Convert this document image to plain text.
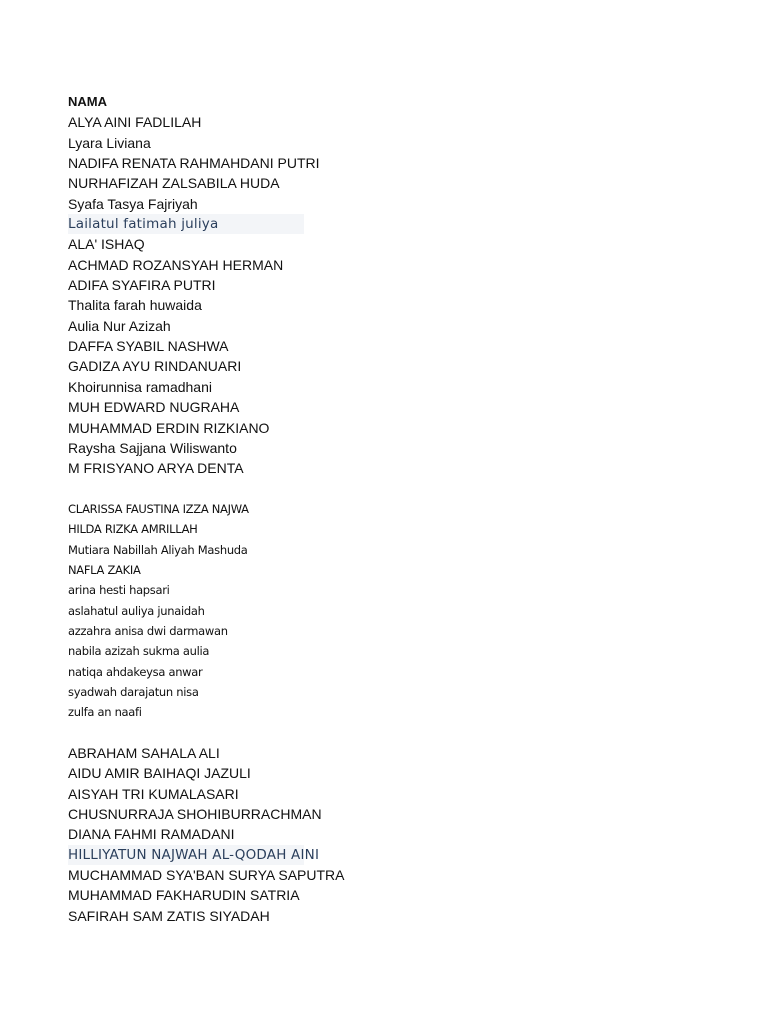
NAMA
ALYA AINI FADLILAH
Lyara Liviana
NADIFA RENATA RAHMAHDANI PUTRI
NURHAFIZAH ZALSABILA HUDA
Syafa Tasya Fajriyah
Lailatul fatimah juliya
ALA' ISHAQ
ACHMAD ROZANSYAH HERMAN
ADIFA SYAFIRA PUTRI
Thalita farah huwaida
Aulia Nur Azizah
DAFFA SYABIL NASHWA
GADIZA AYU RINDANUARI
Khoirunnisa ramadhani
MUH EDWARD NUGRAHA
MUHAMMAD ERDIN RIZKIANO
Raysha Sajjana Wiliswanto
M FRISYANO ARYA DENTA
CLARISSA FAUSTINA IZZA NAJWA
HILDA RIZKA AMRILLAH
Mutiara Nabillah Aliyah Mashuda
NAFLA ZAKIA
arina hesti hapsari
aslahatul auliya junaidah
azzahra anisa dwi darmawan
nabila azizah sukma aulia
natiqa ahdakeysa anwar
syadwah darajatun nisa
zulfa an naafi
ABRAHAM SAHALA ALI
AIDU AMIR BAIHAQI JAZULI
AISYAH TRI KUMALASARI
CHUSNURRAJA SHOHIBURRACHMAN
DIANA FAHMI RAMADANI
HILLIYATUN NAJWAH AL-QODAH AINI
MUCHAMMAD SYA'BAN SURYA SAPUTRA
MUHAMMAD FAKHARUDIN SATRIA
SAFIRAH SAM ZATIS SIYADAH
